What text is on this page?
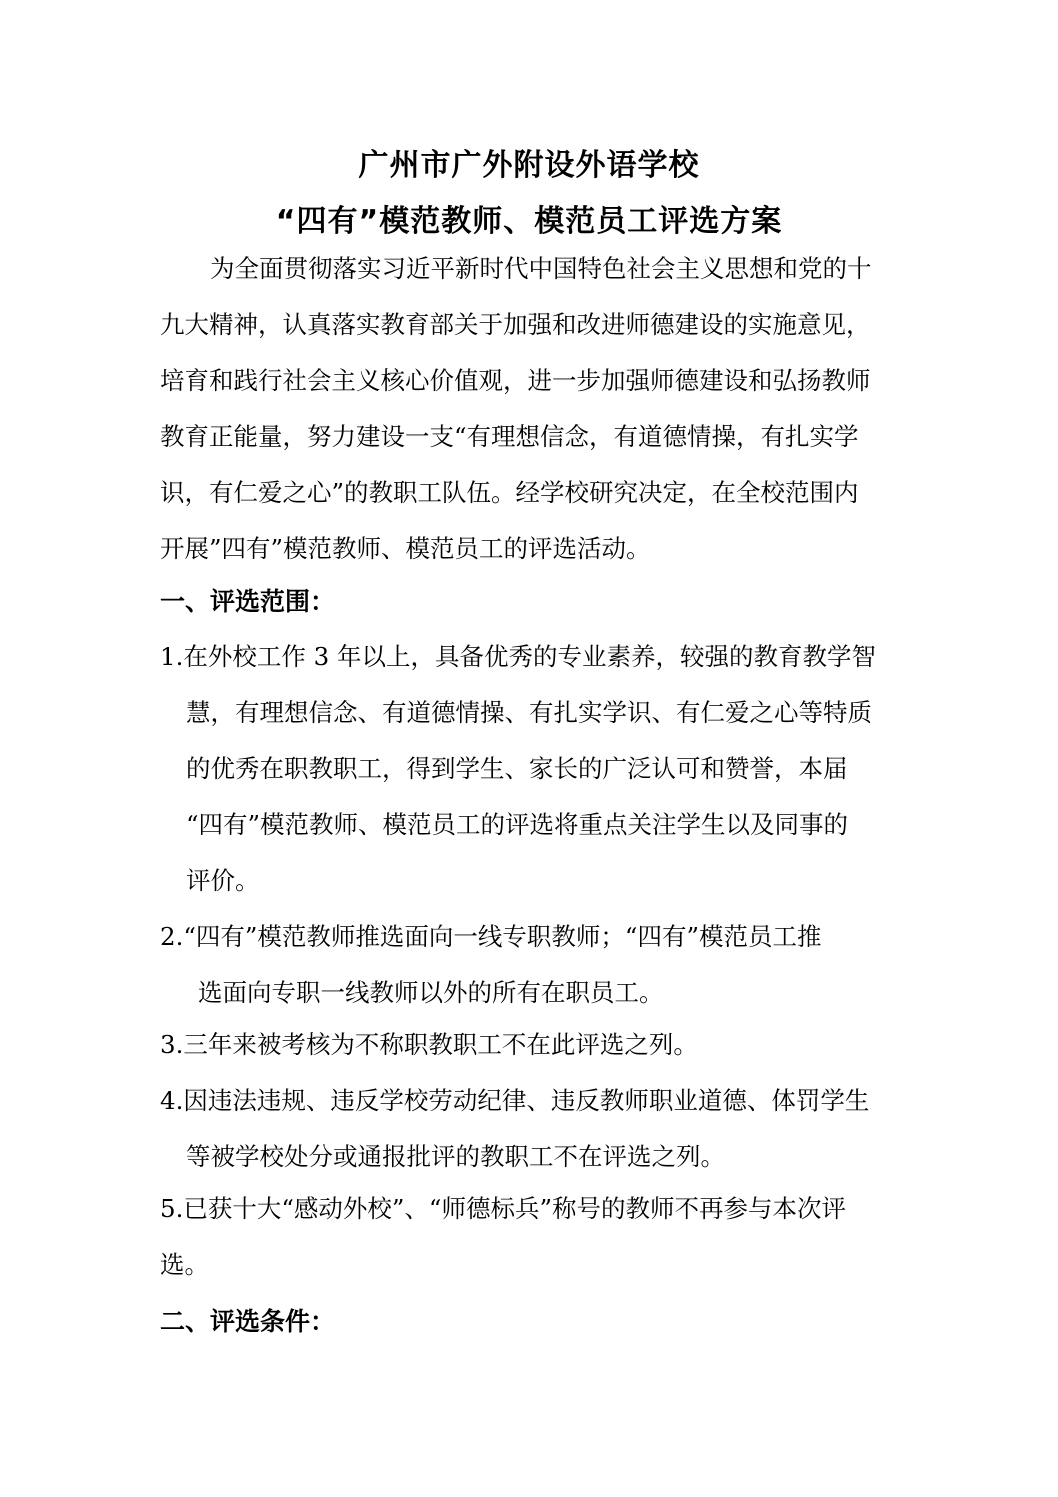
广州市广外附设外语学校
“四有”模范教师、模范员工评选方案
为全面贯彻落实习近平新时代中国特色社会主义思想和党的十
九大精神，认真落实教育部关于加强和改进师德建设的实施意见，
培育和践行社会主义核心价值观，进一步加强师德建设和弘扬教师
教育正能量，努力建设一支“有理想信念，有道德情操，有扎实学
识，有仁爱之心”的教职工队伍。经学校研究决定，在全校范围内
开展”四有”模范教师、模范员工的评选活动。
一、评选范围：
1.在外校工作 3 年以上，具备优秀的专业素养，较强的教育教学智
慧，有理想信念、有道德情操、有扎实学识、有仁爱之心等特质
的优秀在职教职工，得到学生、家长的广泛认可和赞誉，本届
“四有”模范教师、模范员工的评选将重点关注学生以及同事的
评价。
2.“四有”模范教师推选面向一线专职教师；“四有”模范员工推
选面向专职一线教师以外的所有在职员工。
3.三年来被考核为不称职教职工不在此评选之列。
4.因违法违规、违反学校劳动纪律、违反教师职业道德、体罚学生
等被学校处分或通报批评的教职工不在评选之列。
5.已获十大“感动外校”、“师德标兵”称号的教师不再参与本次评
选。
二、评选条件：
